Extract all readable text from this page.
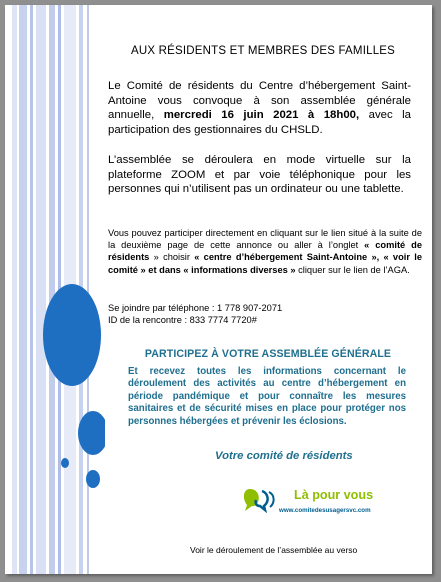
AUX RÉSIDENTS ET MEMBRES DES FAMILLES
Le Comité de résidents du Centre d’hébergement Saint-Antoine vous convoque à son assemblée générale annuelle, mercredi 16 juin 2021 à 18h00, avec la participation des gestionnaires du CHSLD.
L’assemblée se déroulera en mode virtuelle sur la plateforme ZOOM et par voie téléphonique pour les personnes qui n’utilisent pas un ordinateur ou une tablette.
Vous pouvez participer directement en cliquant sur le lien situé à la suite de la deuxième page de cette annonce ou aller à l’onglet « comité de résidents » choisir « centre d’hébergement Saint-Antoine », « voir le comité » et dans « informations diverses » cliquer sur le lien de l’AGA.
Se joindre par téléphone : 1 778 907-2071
ID de la rencontre : 833 7774 7720#
PARTICIPEZ À VOTRE ASSEMBLÉE GÉNÉRALE
Et recevez toutes les informations concernant le déroulement des activités au centre d’hébergement en période pandémique et pour connaître les mesures sanitaires et de sécurité mises en place pour protéger nos personnes hébergées et prévenir les éclosions.
Votre comité de résidents
Là pour vous
www.comitedesusagersvc.com
Voir le déroulement de l’assemblée au verso
